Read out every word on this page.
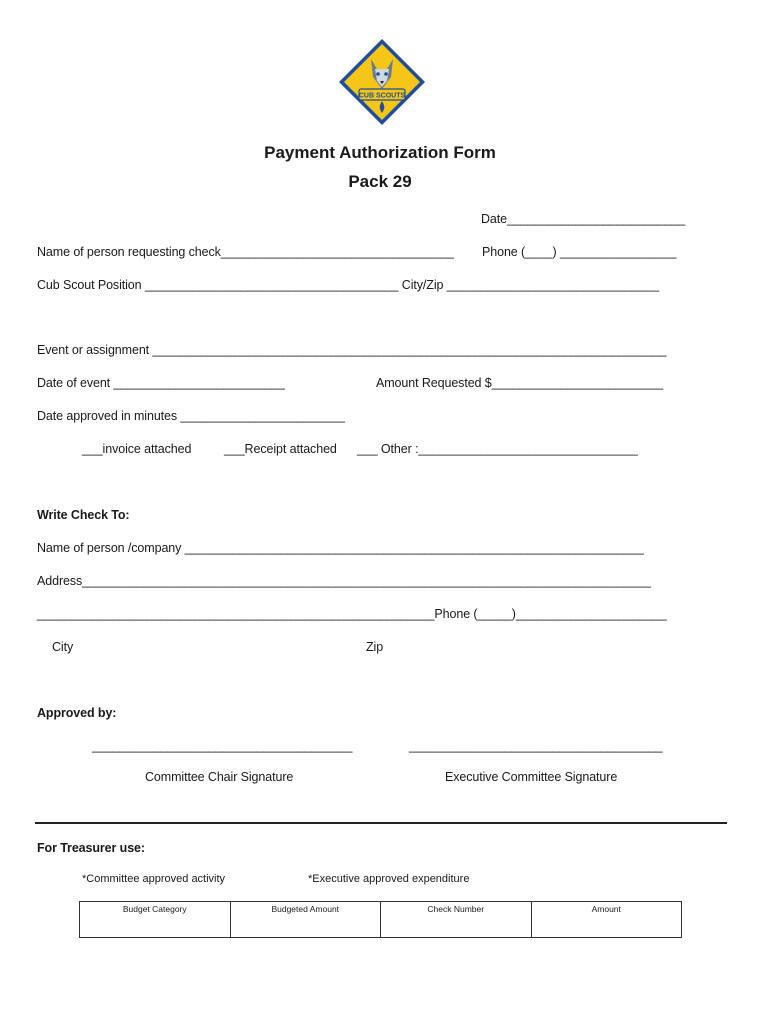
CUB SCOUTS
Payment Authorization Form
Pack 29
Date__________________________
Name of person requesting check__________________________________ Phone (____) _________________
Cub Scout Position _____________________________________ City/Zip _______________________________
Event or assignment ___________________________________________________________________________
Date of event _________________________	Amount Requested $_________________________
Date approved in minutes ________________________
___invoice attached	___Receipt attached ___ Other :________________________________
Write Check To:
Name of person /company ___________________________________________________________________
Address___________________________________________________________________________________
__________________________________________________________Phone (_____)______________________
City	Zip
Approved by:
______________________________________	_____________________________________
Committee Chair Signature	Executive Committee Signature
For Treasurer use:
*Committee approved activity	*Executive approved expenditure
Budget Category	Budgeted Amount	Check Number	Amount
